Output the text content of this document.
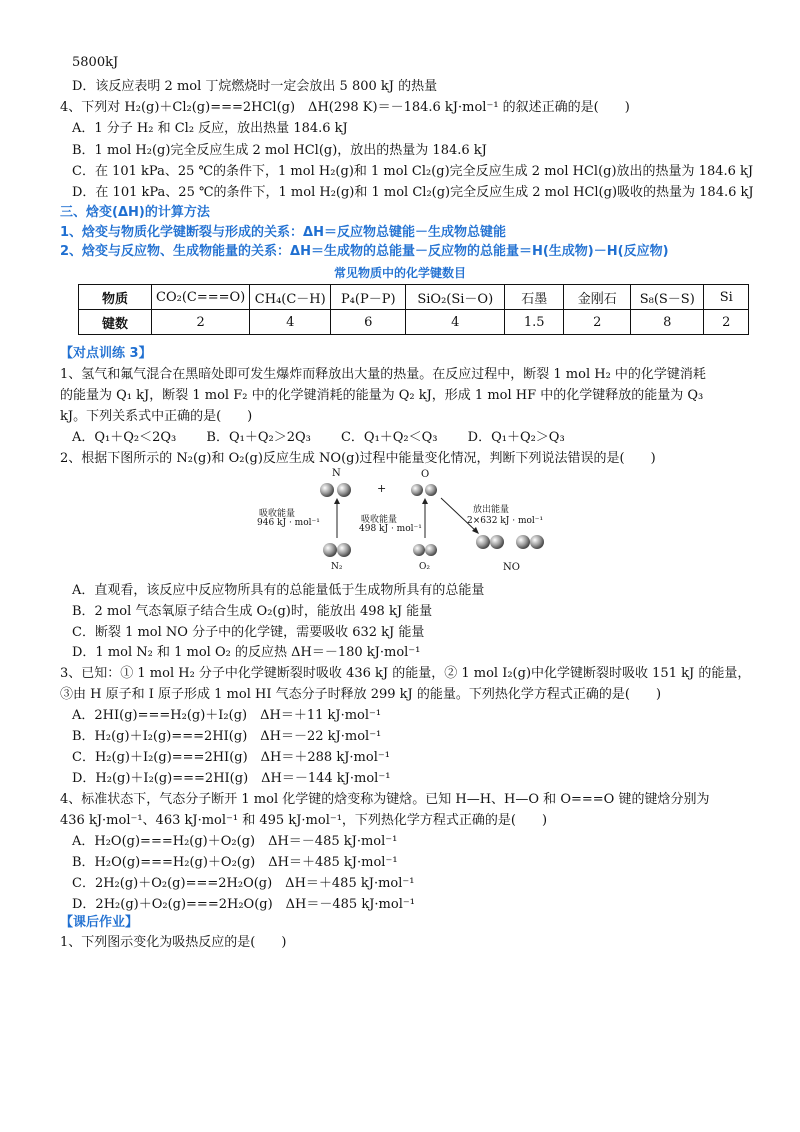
5800kJ
D．该反应表明 2 mol 丁烷燃烧时一定会放出 5 800 kJ 的热量
4、下列对 H₂(g)＋Cl₂(g)===2HCl(g)　ΔH(298 K)＝－184.6 kJ·mol⁻¹ 的叙述正确的是(　　)
A．1 分子 H₂ 和 Cl₂ 反应，放出热量 184.6 kJ
B．1 mol H₂(g)完全反应生成 2 mol HCl(g)，放出的热量为 184.6 kJ
C．在 101 kPa、25 ℃的条件下，1 mol H₂(g)和 1 mol Cl₂(g)完全反应生成 2 mol HCl(g)放出的热量为 184.6 kJ
D．在 101 kPa、25 ℃的条件下，1 mol H₂(g)和 1 mol Cl₂(g)完全反应生成 2 mol HCl(g)吸收的热量为 184.6 kJ
三、焓变(ΔH)的计算方法
1、焓变与物质化学键断裂与形成的关系：ΔH＝反应物总键能－生成物总键能
2、焓变与反应物、生成物能量的关系：ΔH＝生成物的总能量－反应物的总能量＝H(生成物)－H(反应物)
常见物质中的化学键数目
物质	CO₂(C===O)	CH₄(C－H)	P₄(P－P)	SiO₂(Si－O)	石墨	金刚石	S₈(S－S)	Si
键数	2	4	6	4	1.5	2	8	2
【对点训练 3】
1、氢气和氟气混合在黑暗处即可发生爆炸而释放出大量的热量。在反应过程中，断裂 1 mol H₂ 中的化学键消耗
的能量为 Q₁ kJ，断裂 1 mol F₂ 中的化学键消耗的能量为 Q₂ kJ，形成 1 mol HF 中的化学键释放的能量为 Q₃
kJ。下列关系式中正确的是(　　)
A．Q₁＋Q₂＜2Q₃　　 B．Q₁＋Q₂＞2Q₃　　 C．Q₁＋Q₂＜Q₃　　 D．Q₁＋Q₂＞Q₃
2、根据下图所示的 N₂(g)和 O₂(g)反应生成 NO(g)过程中能量变化情况，判断下列说法错误的是(　　)
N	O
+
吸收能量
946 kJ · mol⁻¹	吸收能量
498 kJ · mol⁻¹
放出能量
2×632 kJ · mol⁻¹
N₂	O₂	NO
A．直观看，该反应中反应物所具有的总能量低于生成物所具有的总能量
B．2 mol 气态氧原子结合生成 O₂(g)时，能放出 498 kJ 能量
C．断裂 1 mol NO 分子中的化学键，需要吸收 632 kJ 能量
D．1 mol N₂ 和 1 mol O₂ 的反应热 ΔH＝－180 kJ·mol⁻¹
3、已知：① 1 mol H₂ 分子中化学键断裂时吸收 436 kJ 的能量，② 1 mol I₂(g)中化学键断裂时吸收 151 kJ 的能量，
③由 H 原子和 I 原子形成 1 mol HI 气态分子时释放 299 kJ 的能量。下列热化学方程式正确的是(　　)
A．2HI(g)===H₂(g)＋I₂(g)　ΔH＝＋11 kJ·mol⁻¹
B．H₂(g)＋I₂(g)===2HI(g)　ΔH＝－22 kJ·mol⁻¹
C．H₂(g)＋I₂(g)===2HI(g)　ΔH＝＋288 kJ·mol⁻¹
D．H₂(g)＋I₂(g)===2HI(g)　ΔH＝－144 kJ·mol⁻¹
4、标准状态下，气态分子断开 1 mol 化学键的焓变称为键焓。已知 H—H、H—O 和 O===O 键的键焓分别为
436 kJ·mol⁻¹、463 kJ·mol⁻¹ 和 495 kJ·mol⁻¹，下列热化学方程式正确的是(　　)
A．H₂O(g)===H₂(g)＋O₂(g)　ΔH＝－485 kJ·mol⁻¹
B．H₂O(g)===H₂(g)＋O₂(g)　ΔH＝＋485 kJ·mol⁻¹
C．2H₂(g)＋O₂(g)===2H₂O(g)　ΔH＝＋485 kJ·mol⁻¹
D．2H₂(g)＋O₂(g)===2H₂O(g)　ΔH＝－485 kJ·mol⁻¹
【课后作业】
1、下列图示变化为吸热反应的是(　　)
